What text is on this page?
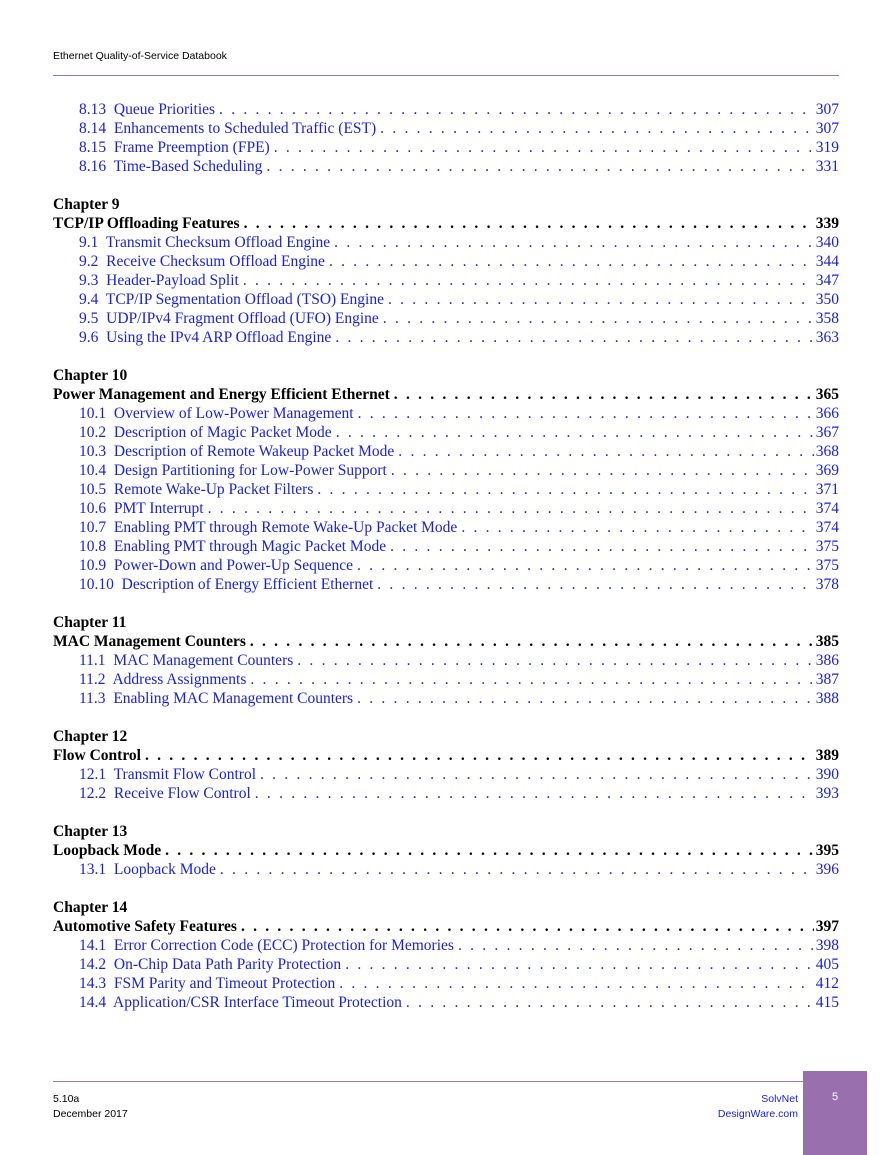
Ethernet Quality-of-Service Databook
8.13 Queue Priorities . . .	307
8.14 Enhancements to Scheduled Traffic (EST) . . .	307
8.15  Frame Preemption (FPE) . . .	319
8.16 Time-Based Scheduling . . .	331
Chapter 9
TCP/IP Offloading Features . . .	339
9.1 Transmit Checksum Offload Engine . . .	340
9.2 Receive Checksum Offload Engine . . .	344
9.3 Header-Payload Split . . .	347
9.4 TCP/IP Segmentation Offload (TSO) Engine . . .	350
9.5 UDP/IPv4 Fragment Offload (UFO) Engine . . .	358
9.6 Using the IPv4 ARP Offload Engine . . .	363
Chapter 10
Power Management and Energy Efficient Ethernet . . .	365
10.1 Overview of Low-Power Management . . .	366
10.2 Description of Magic Packet Mode . . .	367
10.3 Description of Remote Wakeup Packet Mode . . .	368
10.4 Design Partitioning for Low-Power Support . . .	369
10.5 Remote Wake-Up Packet Filters . . .	371
10.6 PMT Interrupt . . .	374
10.7 Enabling PMT through Remote Wake-Up Packet Mode . . .	374
10.8 Enabling PMT through Magic Packet Mode . . .	375
10.9 Power-Down and Power-Up Sequence . . .	375
10.10  Description of Energy Efficient Ethernet . . .	378
Chapter 11
MAC Management Counters . . .	385
11.1 MAC Management Counters . . .	386
11.2 Address Assignments . . .	387
11.3 Enabling MAC Management Counters . . .	388
Chapter 12
Flow Control . . .	389
12.1 Transmit Flow Control . . .	390
12.2 Receive Flow Control . . .	393
Chapter 13
Loopback Mode . . .	395
13.1 Loopback Mode . . .	396
Chapter 14
Automotive Safety Features . . .	397
14.1 Error Correction Code (ECC) Protection for Memories . . .	398
14.2 On-Chip Data Path Parity Protection . . .	405
14.3 FSM Parity and Timeout Protection . . .	412
14.4 Application/CSR Interface Timeout Protection . . .	415
5.10a
December 2017
SolvNet
DesignWare.com
5
